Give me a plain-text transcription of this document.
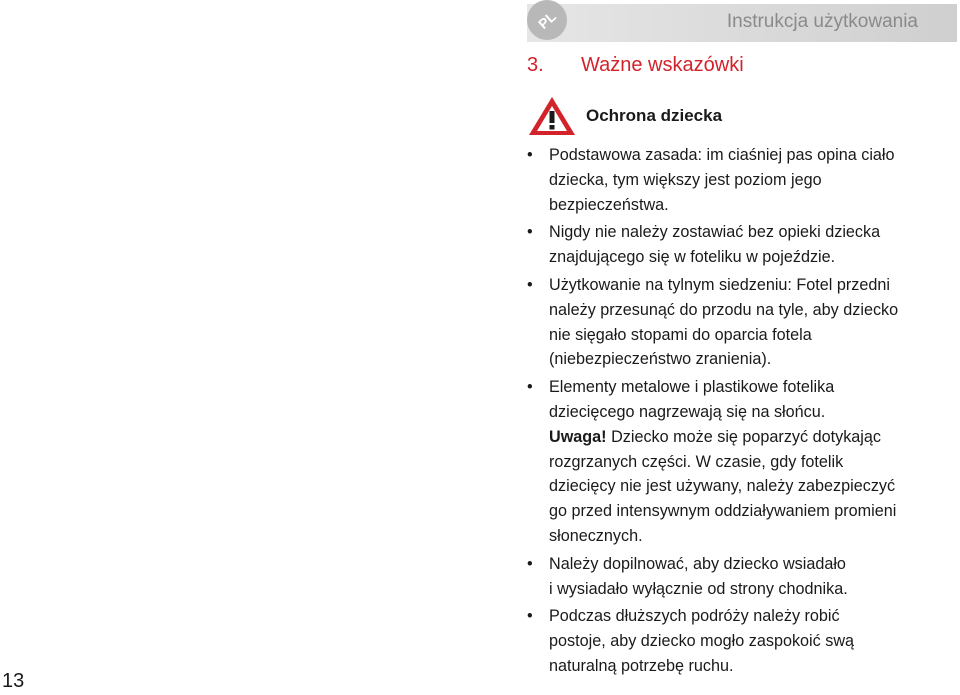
PL	Instrukcja użytkowania
3. Ważne wskazówki
Ochrona dziecka
• Podstawowa zasada: im ciaśniej pas opina ciało
dziecka, tym większy jest poziom jego
bezpieczeństwa.
• Nigdy nie należy zostawiać bez opieki dziecka
znajdującego się w foteliku w pojeździe.
• Użytkowanie na tylnym siedzeniu: Fotel przedni
należy przesunąć do przodu na tyle, aby dziecko
nie sięgało stopami do oparcia fotela
(niebezpieczeństwo zranienia).
• Elementy metalowe i plastikowe fotelika
dziecięcego nagrzewają się na słońcu.
Uwaga! Dziecko może się poparzyć dotykając
rozgrzanych części. W czasie, gdy fotelik
dziecięcy nie jest używany, należy zabezpieczyć
go przed intensywnym oddziaływaniem promieni
słonecznych.
• Należy dopilnować, aby dziecko wsiadało
i wysiadało wyłącznie od strony chodnika.
• Podczas dłuższych podróży należy robić
postoje, aby dziecko mogło zaspokoić swą
naturalną potrzebę ruchu.
13
